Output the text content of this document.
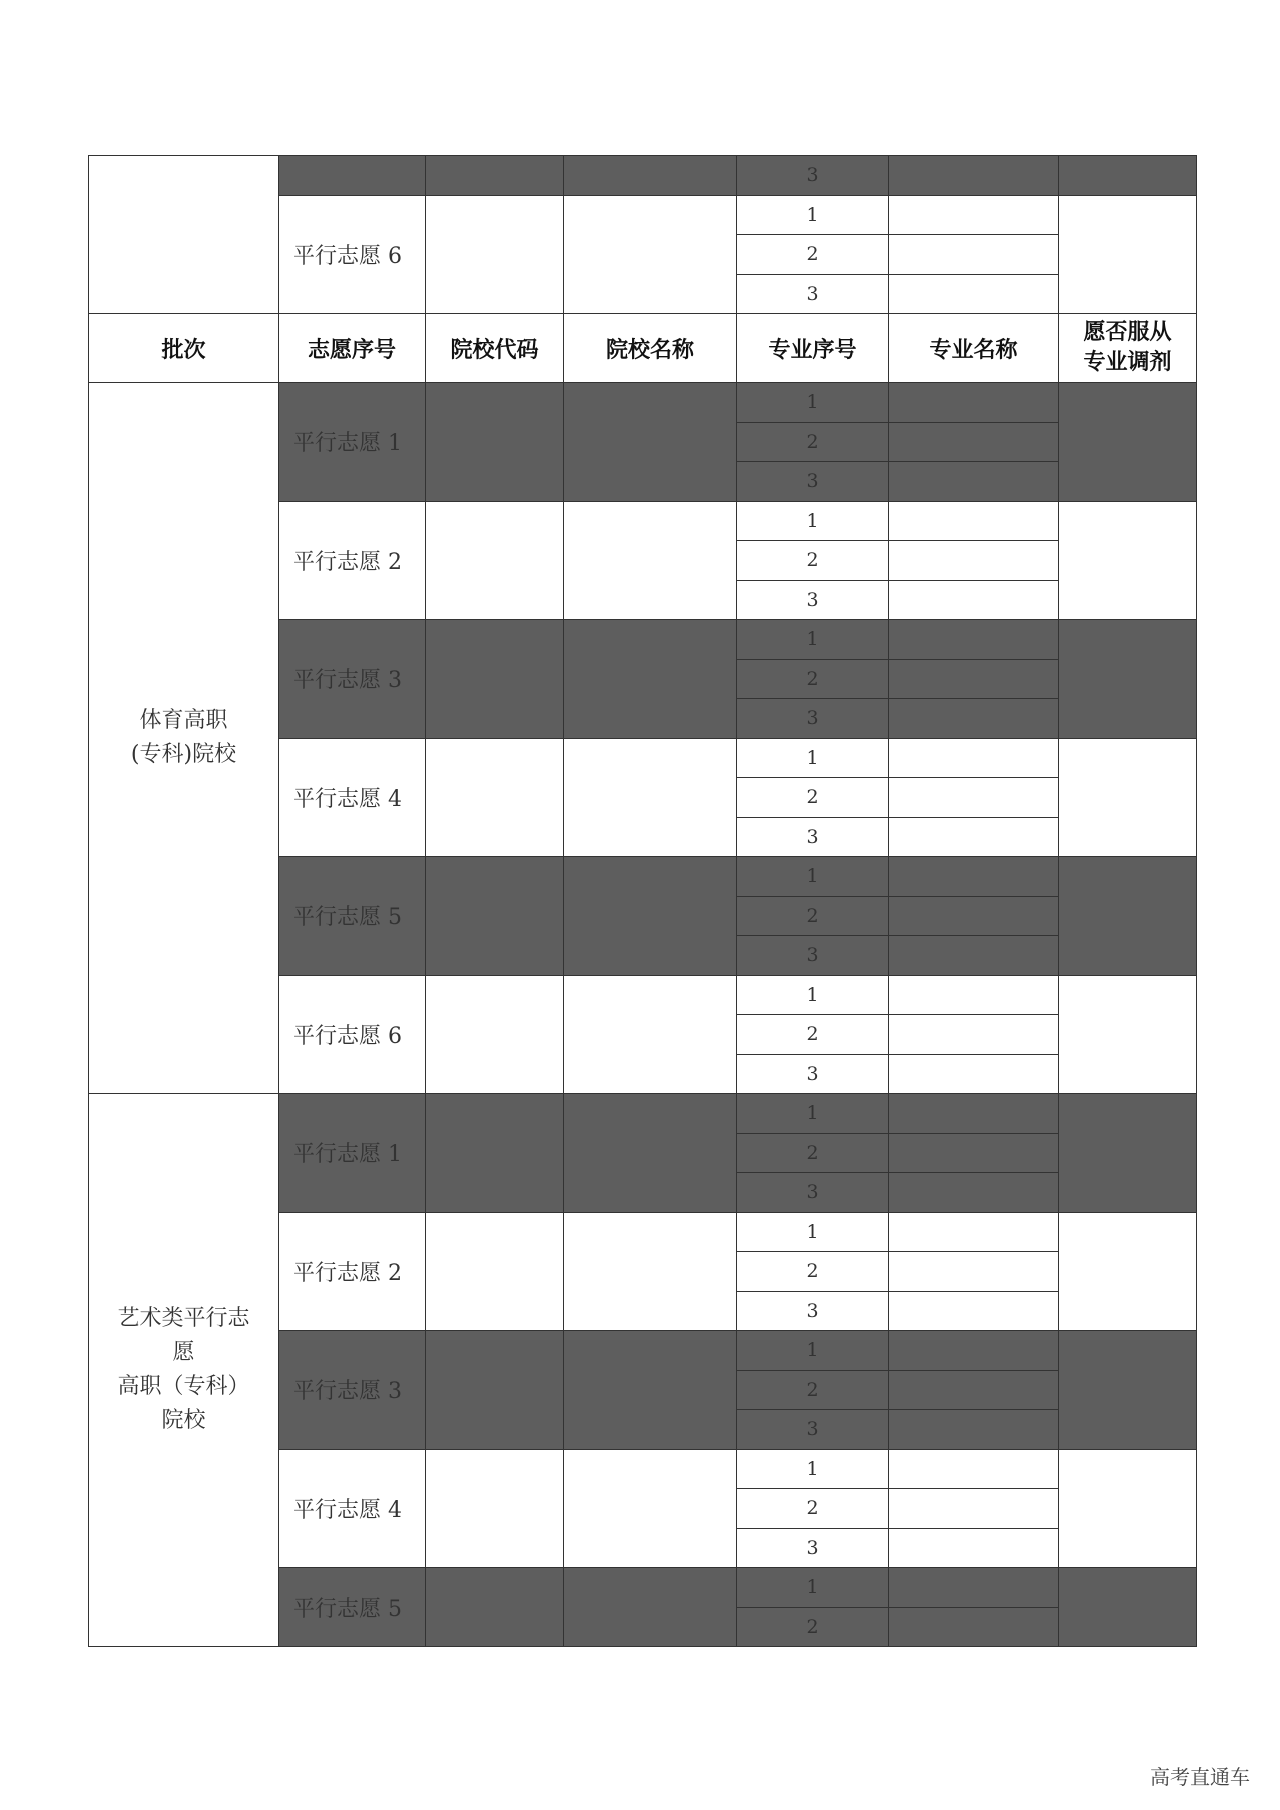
				3		
	平行志愿 6			1		
				2		
				3		
批次	志愿序号	院校代码	院校名称	专业序号	专业名称	愿否服从
专业调剂

体育高职
(专科)院校	平行志愿 1			1		
				2		
				3		
	平行志愿 2			1		
				2		
				3		
	平行志愿 3			1		
				2		
				3		
	平行志愿 4			1		
				2		
				3		
	平行志愿 5			1		
				2		
				3		
	平行志愿 6			1		
				2		
				3		

艺术类平行志
愿
高职（专科）
院校	平行志愿 1			1		
				2		
				3		
	平行志愿 2			1		
				2		
				3		
	平行志愿 3			1		
				2		
				3		
	平行志愿 4			1		
				2		
				3		
	平行志愿 5			1		
				2		
高考直通车
